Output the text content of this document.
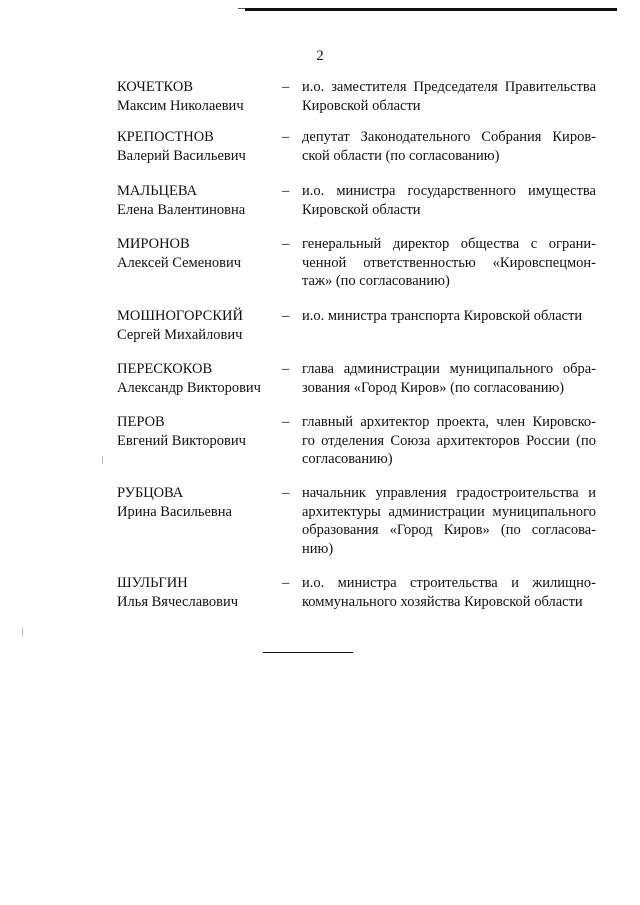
2
КОЧЕТКОВ
Максим Николаевич
– и.о. заместителя Председателя Правительства
Кировской области
КРЕПОСТНОВ
Валерий Васильевич
– депутат Законодательного Собрания Киров-
ской области (по согласованию)
МАЛЬЦЕВА
Елена Валентиновна
– и.о. министра государственного имущества
Кировской области
МИРОНОВ
Алексей Семенович
– генеральный директор общества с ограни-
ченной ответственностью «Кировспецмон-
таж» (по согласованию)
МОШНОГОРСКИЙ
Сергей Михайлович
– и.о. министра транспорта Кировской области
ПЕРЕСКОКОВ
Александр Викторович
– глава администрации муниципального обра-
зования «Город Киров» (по согласованию)
ПЕРОВ
Евгений Викторович
– главный архитектор проекта, член Кировско-
го отделения Союза архитекторов России (по
согласованию)
РУБЦОВА
Ирина Васильевна
– начальник управления градостроительства и
архитектуры администрации муниципального
образования «Город Киров» (по согласова-
нию)
ШУЛЬГИН
Илья Вячеславович
– и.о. министра строительства и жилищно-
коммунального хозяйства Кировской области
